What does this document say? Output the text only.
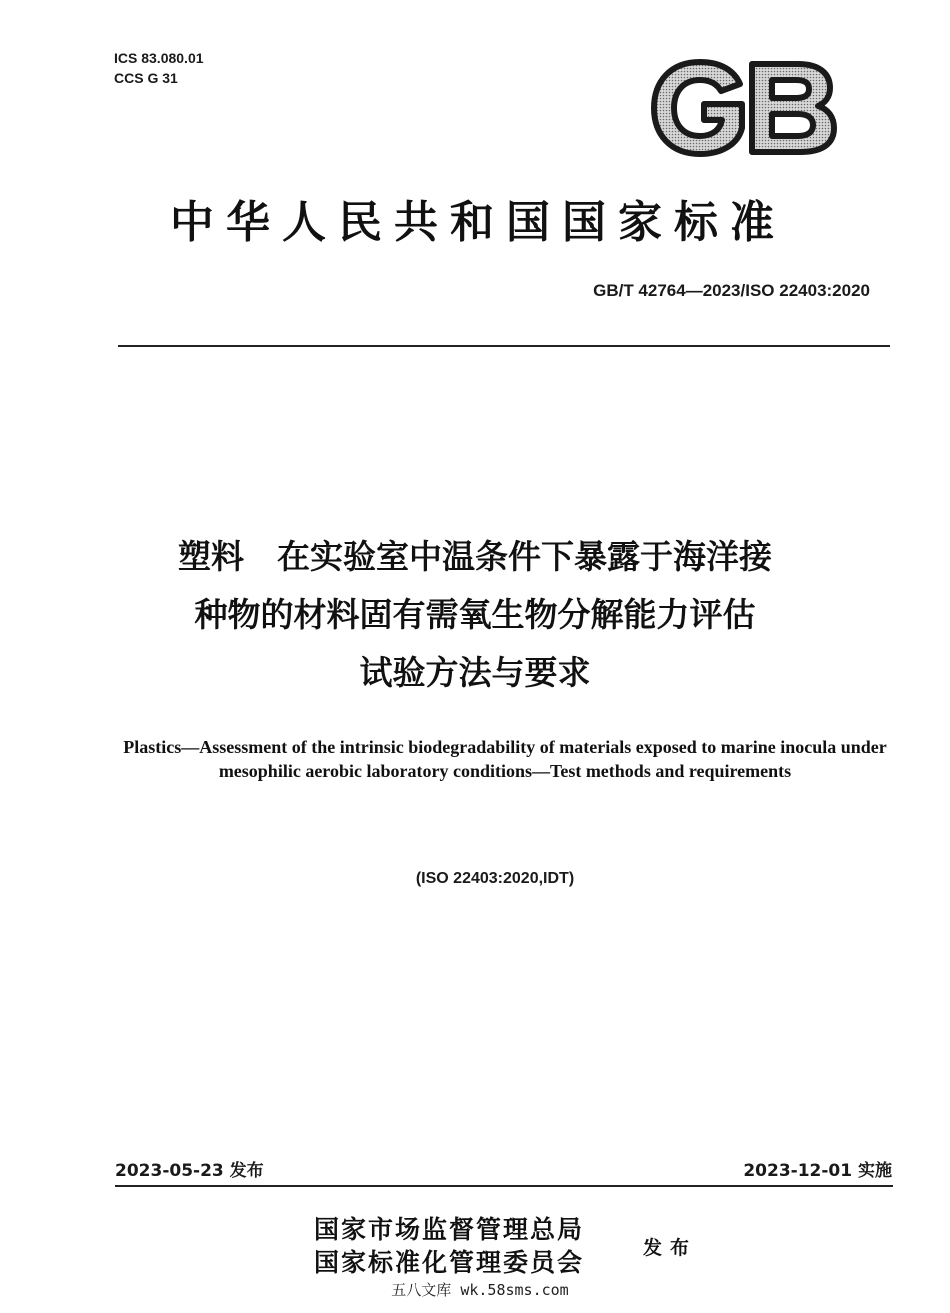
ICS 83.080.01
CCS G 31
GB
中华人民共和国国家标准
GB/T 42764—2023/ISO 22403:2020
塑料　在实验室中温条件下暴露于海洋接
种物的材料固有需氧生物分解能力评估
试验方法与要求
Plastics—Assessment of the intrinsic biodegradability of materials exposed to marine inocula under mesophilic aerobic laboratory conditions—Test methods and requirements
(ISO 22403:2020,IDT)
2023-05-23 发布	2023-12-01 实施
国家市场监督管理总局
国家标准化管理委员会	发布
五八文库 wk.58sms.com
